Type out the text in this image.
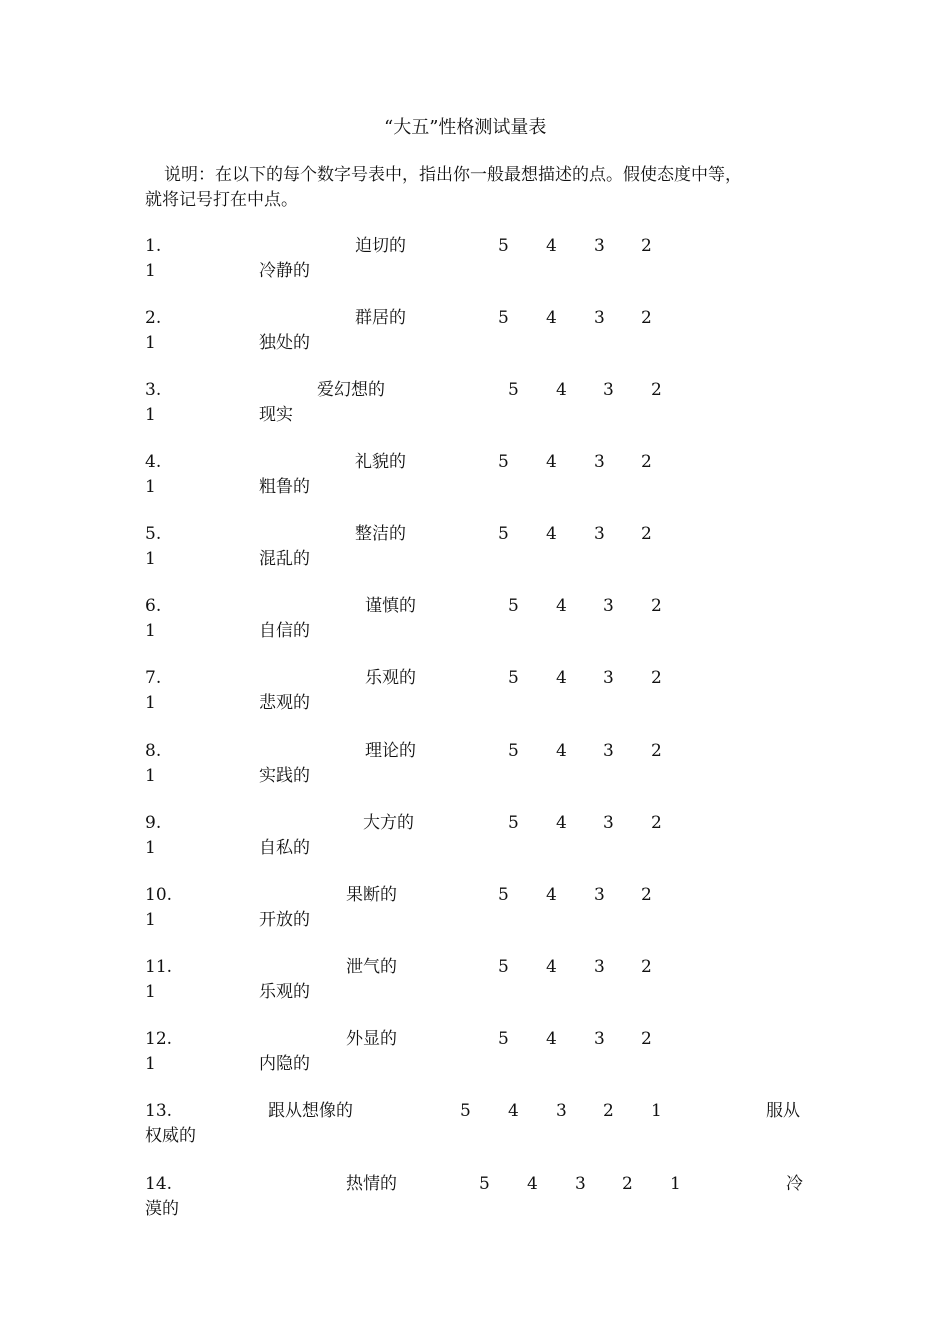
“大五”性格测试量表
说明：在以下的每个数字号表中，指出你一般最想描述的点。假使态度中等，
就将记号打在中点。
1.	迫切的	5 4 3 2
1	冷静的
2.	群居的	5 4 3 2
1	独处的
3.	爱幻想的	5 4 3 2
1	现实
4.	礼貌的	5 4 3 2
1	粗鲁的
5.	整洁的	5 4 3 2
1	混乱的
6.	谨慎的	5 4 3 2
1	自信的
7.	乐观的	5 4 3 2
1	悲观的
8.	理论的	5 4 3 2
1	实践的
9.	大方的	5 4 3 2
1	自私的
10.	果断的	5 4 3 2
1	开放的
11.	泄气的	5 4 3 2
1	乐观的
12.	外显的	5 4 3 2
1	内隐的
13.	跟从想像的	5 4 3 2 1	服从
权威的
14.	热情的	5 4 3 2 1	冷
漠的
